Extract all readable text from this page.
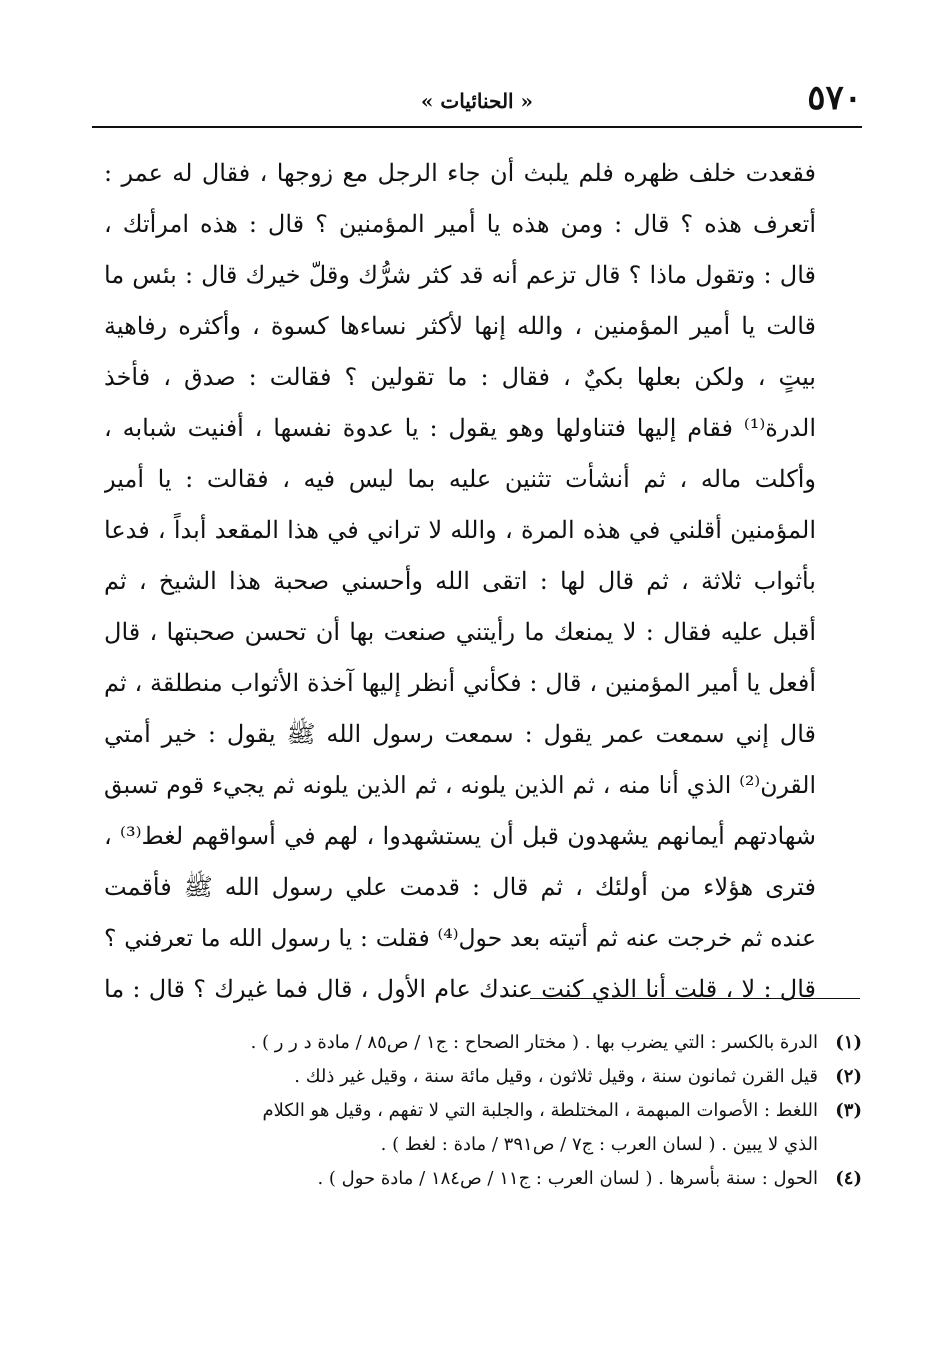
٥٧٠
« الحنائيات »
فقعدت خلف ظهره فلم يلبث أن جاء الرجل مع زوجها ، فقال له عمر :
أتعرف هذه ؟ قال : ومن هذه يا أمير المؤمنين ؟ قال : هذه امرأتك ،
قال : وتقول ماذا ؟ قال تزعم أنه قد كثر شرُّك وقلّ خيرك قال : بئس ما
قالت يا أمير المؤمنين ، والله إنها لأكثر نساءها كسوة ، وأكثره رفاهية
بيتٍ ، ولكن بعلها بكيٌ ، فقال : ما تقولين ؟ فقالت : صدق ، فأخذ
الدرة⁽¹⁾ فقام إليها فتناولها وهو يقول : يا عدوة نفسها ، أفنيت شبابه ،
وأكلت ماله ، ثم أنشأت تثنين عليه بما ليس فيه ، فقالت : يا أمير
المؤمنين أقلني في هذه المرة ، والله لا تراني في هذا المقعد أبداً ، فدعا
بأثواب ثلاثة ، ثم قال لها : اتقى الله وأحسني صحبة هذا الشيخ ، ثم
أقبل عليه فقال : لا يمنعك ما رأيتني صنعت بها أن تحسن صحبتها ، قال
أفعل يا أمير المؤمنين ، قال : فكأني أنظر إليها آخذة الأثواب منطلقة ، ثم
قال إني سمعت عمر يقول : سمعت رسول الله ﷺ يقول : خير أمتي
القرن⁽²⁾ الذي أنا منه ، ثم الذين يلونه ، ثم الذين يلونه ثم يجيء قوم تسبق
شهادتهم أيمانهم يشهدون قبل أن يستشهدوا ، لهم في أسواقهم لغط⁽³⁾ ،
فترى هؤلاء من أولئك ، ثم قال : قدمت علي رسول الله ﷺ فأقمت
عنده ثم خرجت عنه ثم أتيته بعد حول⁽⁴⁾ فقلت : يا رسول الله ما تعرفني ؟
قال : لا ، قلت أنا الذي كنت عندك عام الأول ، قال فما غيرك ؟ قال : ما
(١)
الدرة بالكسر : التي يضرب بها . ( مختار الصحاح : ج١ / ص٨٥ / مادة د ر ر ) .
(٢)
قيل القرن ثمانون سنة ، وقيل ثلاثون ، وقيل مائة سنة ، وقيل غير ذلك .
(٣)
اللغط : الأصوات المبهمة ، المختلطة ، والجلبة التي لا تفهم ، وقيل هو الكلام
الذي لا يبين . ( لسان العرب : ج٧ / ص٣٩١ / مادة : لغط ) .
(٤)
الحول : سنة بأسرها . ( لسان العرب : ج١١ / ص١٨٤ / مادة حول ) .
